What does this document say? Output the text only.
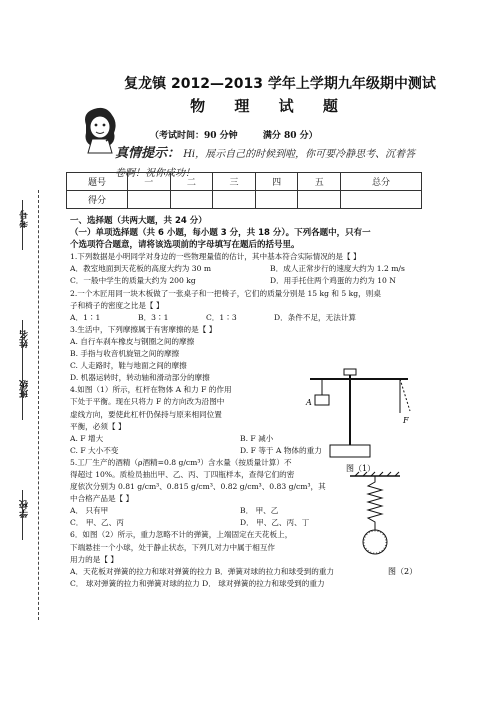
考号
姓名
班级
学校
复龙镇 2012—2013 学年上学期九年级期中测试
物 理 试 题
（考试时间：90 分钟	满分 80 分）
真情提示： Hi，展示自己的时候到啦，你可要冷静思考、沉着答
卷啊！祝你成功！
题号	一	二	三	四	五	总分
得分						

一、选择题（共两大题，共 24 分）

（一）单项选择题（共 6 小题，每小题 3 分，共 18 分）。下列各题中，只有一

个选项符合题意，请将该选项前的字母填写在题后的括号里。

1.下列数据是小明同学对身边的一些物理量值的估计，其中基本符合实际情况的是【 】

A．教室地面到天花板的高度大约为 30 m	B．成人正常步行的速度大约为 1.2 m/s

C．一般中学生的质量大约为 200 kg	D．用手托住两个鸡蛋的力约为 10 N

2.一个木匠用同一块木板做了一张桌子和一把椅子，它们的质量分别是 15 kg 和 5 kg，则桌

子和椅子的密度之比是【 】

A．1∶1	B．3∶1	C．1∶3	D．条件不足，无法计算

3.生活中，下列摩擦属于有害摩擦的是【 】

A. 自行车刹车橡皮与钢圈之间的摩擦

B. 手指与收音机旋钮之间的摩擦

C. 人走路时，鞋与地面之间的摩擦

D. 机器运转时，转动轴和滑动部分的摩擦

4.如图（1）所示，杠杆在物体 A 和力 F 的作用

下处于平衡。现在只将力 F 的方向改为沿图中

虚线方向，要使此杠杆仍保持与原来相同位置

平衡，必须【 】

A. F 增大	B. F 减小

C. F 大小不变	D. F 等于 A 物体的重力

5.工厂生产的酒精（ρ酒精=0.8 g/cm³）含水量（按质量计算）不

得超过 10%。质检员抽出甲、乙、丙、丁四瓶样本，查得它们的密

度依次分别为 0.81 g/cm³、0.815 g/cm³、0.82 g/cm³、0.83 g/cm³，其

中合格产品是【 】

A． 只有甲	B． 甲、乙

C． 甲、乙、丙	D． 甲、乙、丙、丁

6．如图（2）所示，重力忽略不计的弹簧，上端固定在天花板上，

下端悬挂一个小球，处于静止状态，下列几对力中属于相互作

用力的是【 】

A．天花板对弹簧的拉力和球对弹簧的拉力 B．弹簧对球的拉力和球受到的重力

C． 球对弹簧的拉力和弹簧对球的拉力 D． 球对弹簧的拉力和球受到的重力

A
F
图（1）
图（2）
